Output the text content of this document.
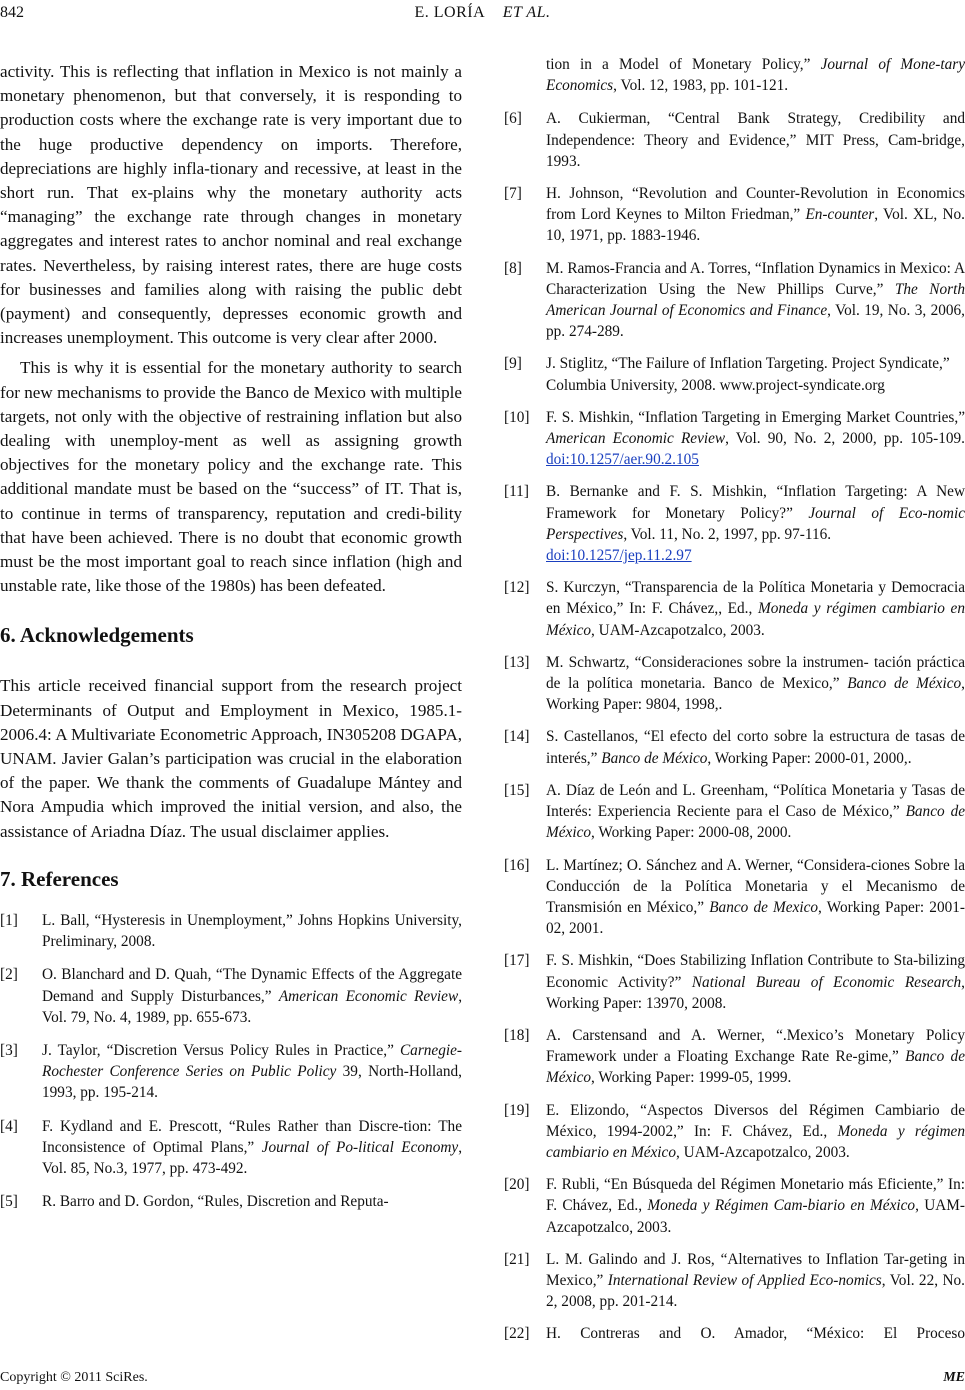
842	E. LORÍA ET AL.

activity. This is reflecting that inflation in Mexico is not mainly a monetary phenomenon, but that conversely, it is responding to production costs where the exchange rate is very important due to the huge productive dependency on imports. Therefore, depreciations are highly infla-tionary and recessive, at least in the short run. That ex-plains why the monetary authority acts “managing” the exchange rate through changes in monetary aggregates and interest rates to anchor nominal and real exchange rates. Nevertheless, by raising interest rates, there are huge costs for businesses and families along with raising the public debt (payment) and consequently, depresses economic growth and increases unemployment. This outcome is very clear after 2000.

This is why it is essential for the monetary authority to search for new mechanisms to provide the Banco de Mexico with multiple targets, not only with the objective of restraining inflation but also dealing with unemploy-ment as well as assigning growth objectives for the monetary policy and the exchange rate. This additional mandate must be based on the “success” of IT. That is, to continue in terms of transparency, reputation and credi-bility that have been achieved. There is no doubt that economic growth must be the most important goal to reach since inflation (high and unstable rate, like those of the 1980s) has been defeated.

6. Acknowledgements

This article received financial support from the research project Determinants of Output and Employment in Mexico, 1985.1-2006.4: A Multivariate Econometric Approach, IN305208 DGAPA, UNAM. Javier Galan’s participation was crucial in the elaboration of the paper. We thank the comments of Guadalupe Mántey and Nora Ampudia which improved the initial version, and also, the assistance of Ariadna Díaz. The usual disclaimer applies.

7. References
[1]	L. Ball, “Hysteresis in Unemployment,” Johns Hopkins University, Preliminary, 2008.
[2]	O. Blanchard and D. Quah, “The Dynamic Effects of the Aggregate Demand and Supply Disturbances,” American Economic Review, Vol. 79, No. 4, 1989, pp. 655-673.
[3]	J. Taylor, “Discretion Versus Policy Rules in Practice,” Carnegie-Rochester Conference Series on Public Policy 39, North-Holland, 1993, pp. 195-214.
[4]	F. Kydland and E. Prescott, “Rules Rather than Discre-tion: The Inconsistence of Optimal Plans,” Journal of Po-litical Economy, Vol. 85, No.3, 1977, pp. 473-492.
[5]	R. Barro and D. Gordon, “Rules, Discretion and Reputa-

tion in a Model of Monetary Policy,” Journal of Mone-tary Economics, Vol. 12, 1983, pp. 101-121.

[6]	A. Cukierman, “Central Bank Strategy, Credibility and Independence: Theory and Evidence,” MIT Press, Cam-bridge, 1993.
[7]	H. Johnson, “Revolution and Counter-Revolution in Economics from Lord Keynes to Milton Friedman,” En-counter, Vol. XL, No. 10, 1971, pp. 1883-1946.
[8]	M. Ramos-Francia and A. Torres, “Inflation Dynamics in Mexico: A Characterization Using the New Phillips Curve,” The North American Journal of Economics and Finance, Vol. 19, No. 3, 2006, pp. 274-289.
[9]	J. Stiglitz, “The Failure of Inflation Targeting. Project Syndicate,” Columbia University, 2008. www.project-syndicate.org
[10]	F. S. Mishkin, “Inflation Targeting in Emerging Market Countries,” American Economic Review, Vol. 90, No. 2, 2000, pp. 105-109. doi:10.1257/aer.90.2.105
[11]	B. Bernanke and F. S. Mishkin, “Inflation Targeting: A New Framework for Monetary Policy?” Journal of Eco-nomic Perspectives, Vol. 11, No. 2, 1997, pp. 97-116.
doi:10.1257/jep.11.2.97
[12]	S. Kurczyn, “Transparencia de la Política Monetaria y Democracia en México,” In: F. Chávez,, Ed., Moneda y régimen cambiario en México, UAM-Azcapotzalco, 2003.
[13]	M. Schwartz, “Consideraciones sobre la instrumen- tación práctica de la política monetaria. Banco de Mexico,” Banco de México, Working Paper: 9804, 1998,.
[14]	S. Castellanos, “El efecto del corto sobre la estructura de tasas de interés,” Banco de México, Working Paper: 2000-01, 2000,.
[15]	A. Díaz de León and L. Greenham, “Política Monetaria y Tasas de Interés: Experiencia Reciente para el Caso de México,” Banco de México, Working Paper: 2000-08, 2000.
[16]	L. Martínez; O. Sánchez and A. Werner, “Considera-ciones Sobre la Conducción de la Política Monetaria y el Mecanismo de Transmisión en México,” Banco de Mexico, Working Paper: 2001-02, 2001.
[17]	F. S. Mishkin, “Does Stabilizing Inflation Contribute to Sta-bilizing Economic Activity?” National Bureau of Economic Research, Working Paper: 13970, 2008.
[18]	A. Carstensand and A. Werner, “.Mexico’s Monetary Policy Framework under a Floating Exchange Rate Re-gime,” Banco de México, Working Paper: 1999-05, 1999.
[19]	E. Elizondo, “Aspectos Diversos del Régimen Cambiario de México, 1994-2002,” In: F. Chávez, Ed., Moneda y régimen cambiario en México, UAM-Azcapotzalco, 2003.
[20]	F. Rubli, “En Búsqueda del Régimen Monetario más Eficiente,” In: F. Chávez, Ed., Moneda y Régimen Cam-biario en México, UAM-Azcapotzalco, 2003.
[21]	L. M. Galindo and J. Ros, “Alternatives to Inflation Tar-geting in Mexico,” International Review of Applied Eco-nomics, Vol. 22, No. 2, 2008, pp. 201-214.
[22]	H. Contreras and O. Amador, “México: El Proceso
Copyright © 2011 SciRes.	ME
